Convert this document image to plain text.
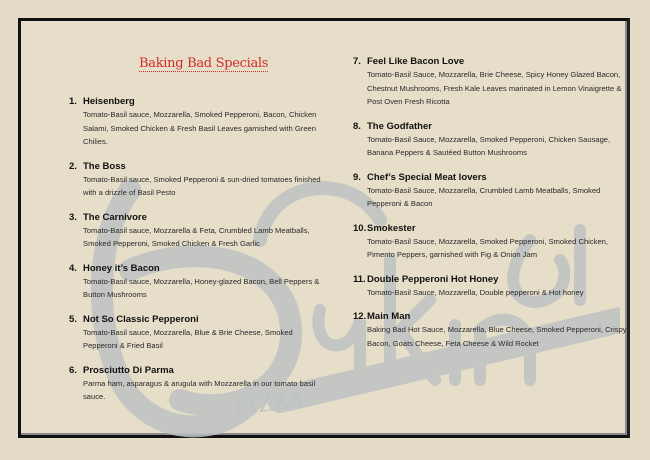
PIZZA
Baking Bad Specials
1. Heisenberg
Tomato-Basil sauce, Mozzarella, Smoked Pepperoni, Bacon, Chicken Salami, Smoked Chicken & Fresh Basil Leaves garnished with Green Chilies.
2. The Boss
Tomato-Basil sauce, Smoked Pepperoni & sun-dried tomatoes finished with a drizzle of Basil Pesto
3. The Carnivore
Tomato-Basil sauce, Mozzarella & Feta, Crumbled Lamb Meatballs, Smoked Pepperoni, Smoked Chicken & Fresh Garlic
4. Honey it’s Bacon
Tomato-Basil sauce, Mozzarella, Honey-glazed Bacon, Bell Peppers & Button Mushrooms
5. Not So Classic Pepperoni
Tomato-Basil sauce, Mozzarella, Blue & Brie Cheese, Smoked Pepperoni & Fried Basil
6. Prosciutto Di Parma
Parma ham, asparagus & arugula with Mozzarella in our tomato basil sauce.
7. Feel Like Bacon Love
Tomato-Basil Sauce, Mozzarella, Brie Cheese, Spicy Honey Glazed Bacon, Chestnut Mushrooms, Fresh Kale Leaves marinated in Lemon Vinaigrette & Post Oven Fresh Ricotta
8. The Godfather
Tomato-Basil Sauce, Mozzarella, Smoked Pepperoni, Chicken Sausage, Banana Peppers & Sautéed Button Mushrooms
9. Chef’s Special Meat lovers
Tomato-Basil Sauce, Mozzarella, Crumbled Lamb Meatballs, Smoked Pepperoni & Bacon
10. Smokester
Tomato-Basil Sauce, Mozzarella, Smoked Pepperoni, Smoked Chicken, Pimento Peppers, garnished with Fig & Onion Jam
11. Double Pepperoni Hot Honey
Tomato-Basil Sauce, Mozzarella, Double pepperoni & Hot honey
12. Main Man
Baking Bad Hot Sauce, Mozzarella, Blue Cheese, Smoked Pepperoni, Crispy Bacon, Goats Cheese, Feta Cheese & Wild Rocket
